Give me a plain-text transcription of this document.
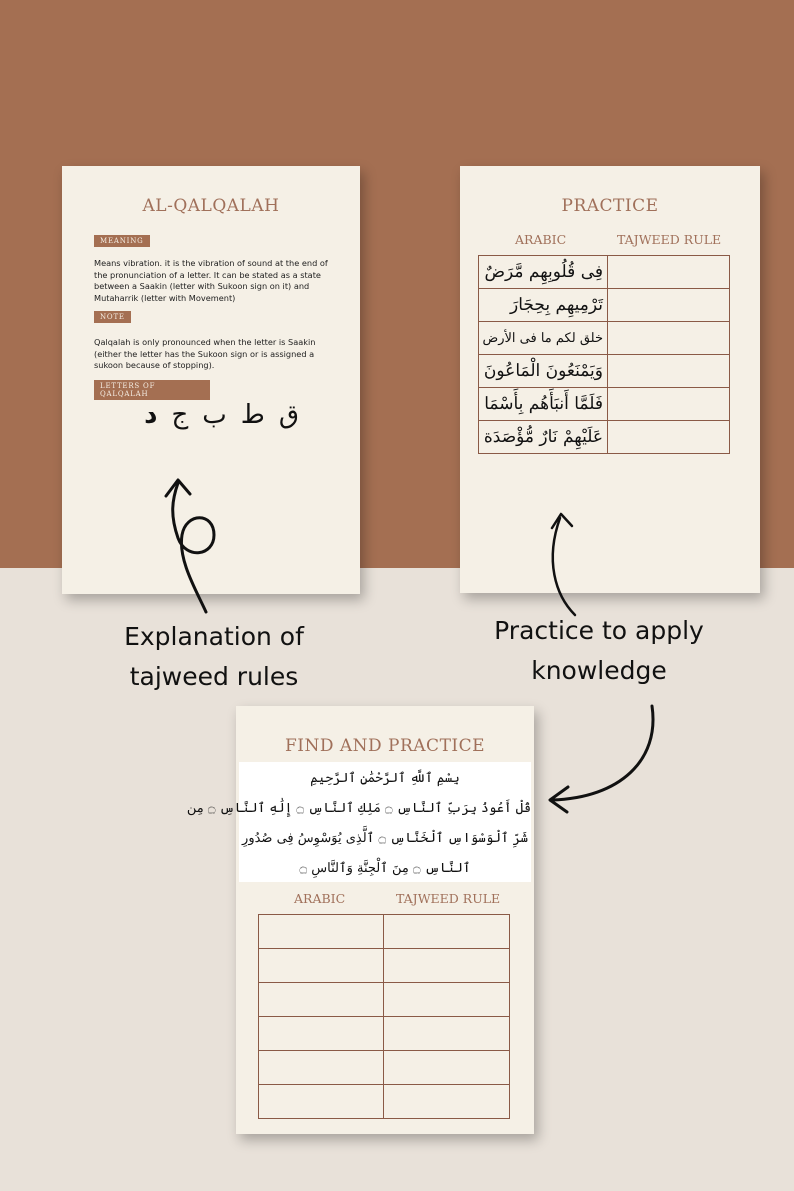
AL-QALQALAH
MEANING
Means vibration. it is the vibration of sound at the end of the pronunciation of a letter. It can be stated as a state between a Saakin (letter with Sukoon sign on it) and Mutaharrik (letter with Movement)
NOTE
Qalqalah is only pronounced when the letter is Saakin (either the letter has the Sukoon sign or is assigned a sukoon because of stopping).
LETTERS OF QALQALAH
قطبجد
PRACTICE
ARABIC	TAJWEED RULE
فِى قُلُوبِهِم مَّرَضٌ	
تَرْمِيهِم بِحِجَارَ	
خلق لكم ما فى الأرض	
وَيَمْنَعُونَ الْمَاعُونَ	
فَلَمَّا أَنبَأَهُم بِأَسْمَا	
عَلَيْهِمْ نَارٌ مُّؤْصَدَة	
FIND AND PRACTICE
بِسْمِ ٱللَّهِ ٱلرَّحْمَٰنِ ٱلرَّحِيمِ
قُلْ أَعُوذُ بِرَبِّ ٱلنَّاسِ ۝ مَلِكِ ٱلنَّاسِ ۝ إِلَٰهِ ٱلنَّاسِ ۝ مِن
شَرِّ ٱلْوَسْوَاسِ ٱلْخَنَّاسِ ۝ ٱلَّذِى يُوَسْوِسُ فِى صُدُورِ
ٱلنَّاسِ ۝ مِنَ ٱلْجِنَّةِ وَٱلنَّاسِ ۝
ARABIC	TAJWEED RULE

Explanation of
tajweed rules
Practice to apply
knowledge
